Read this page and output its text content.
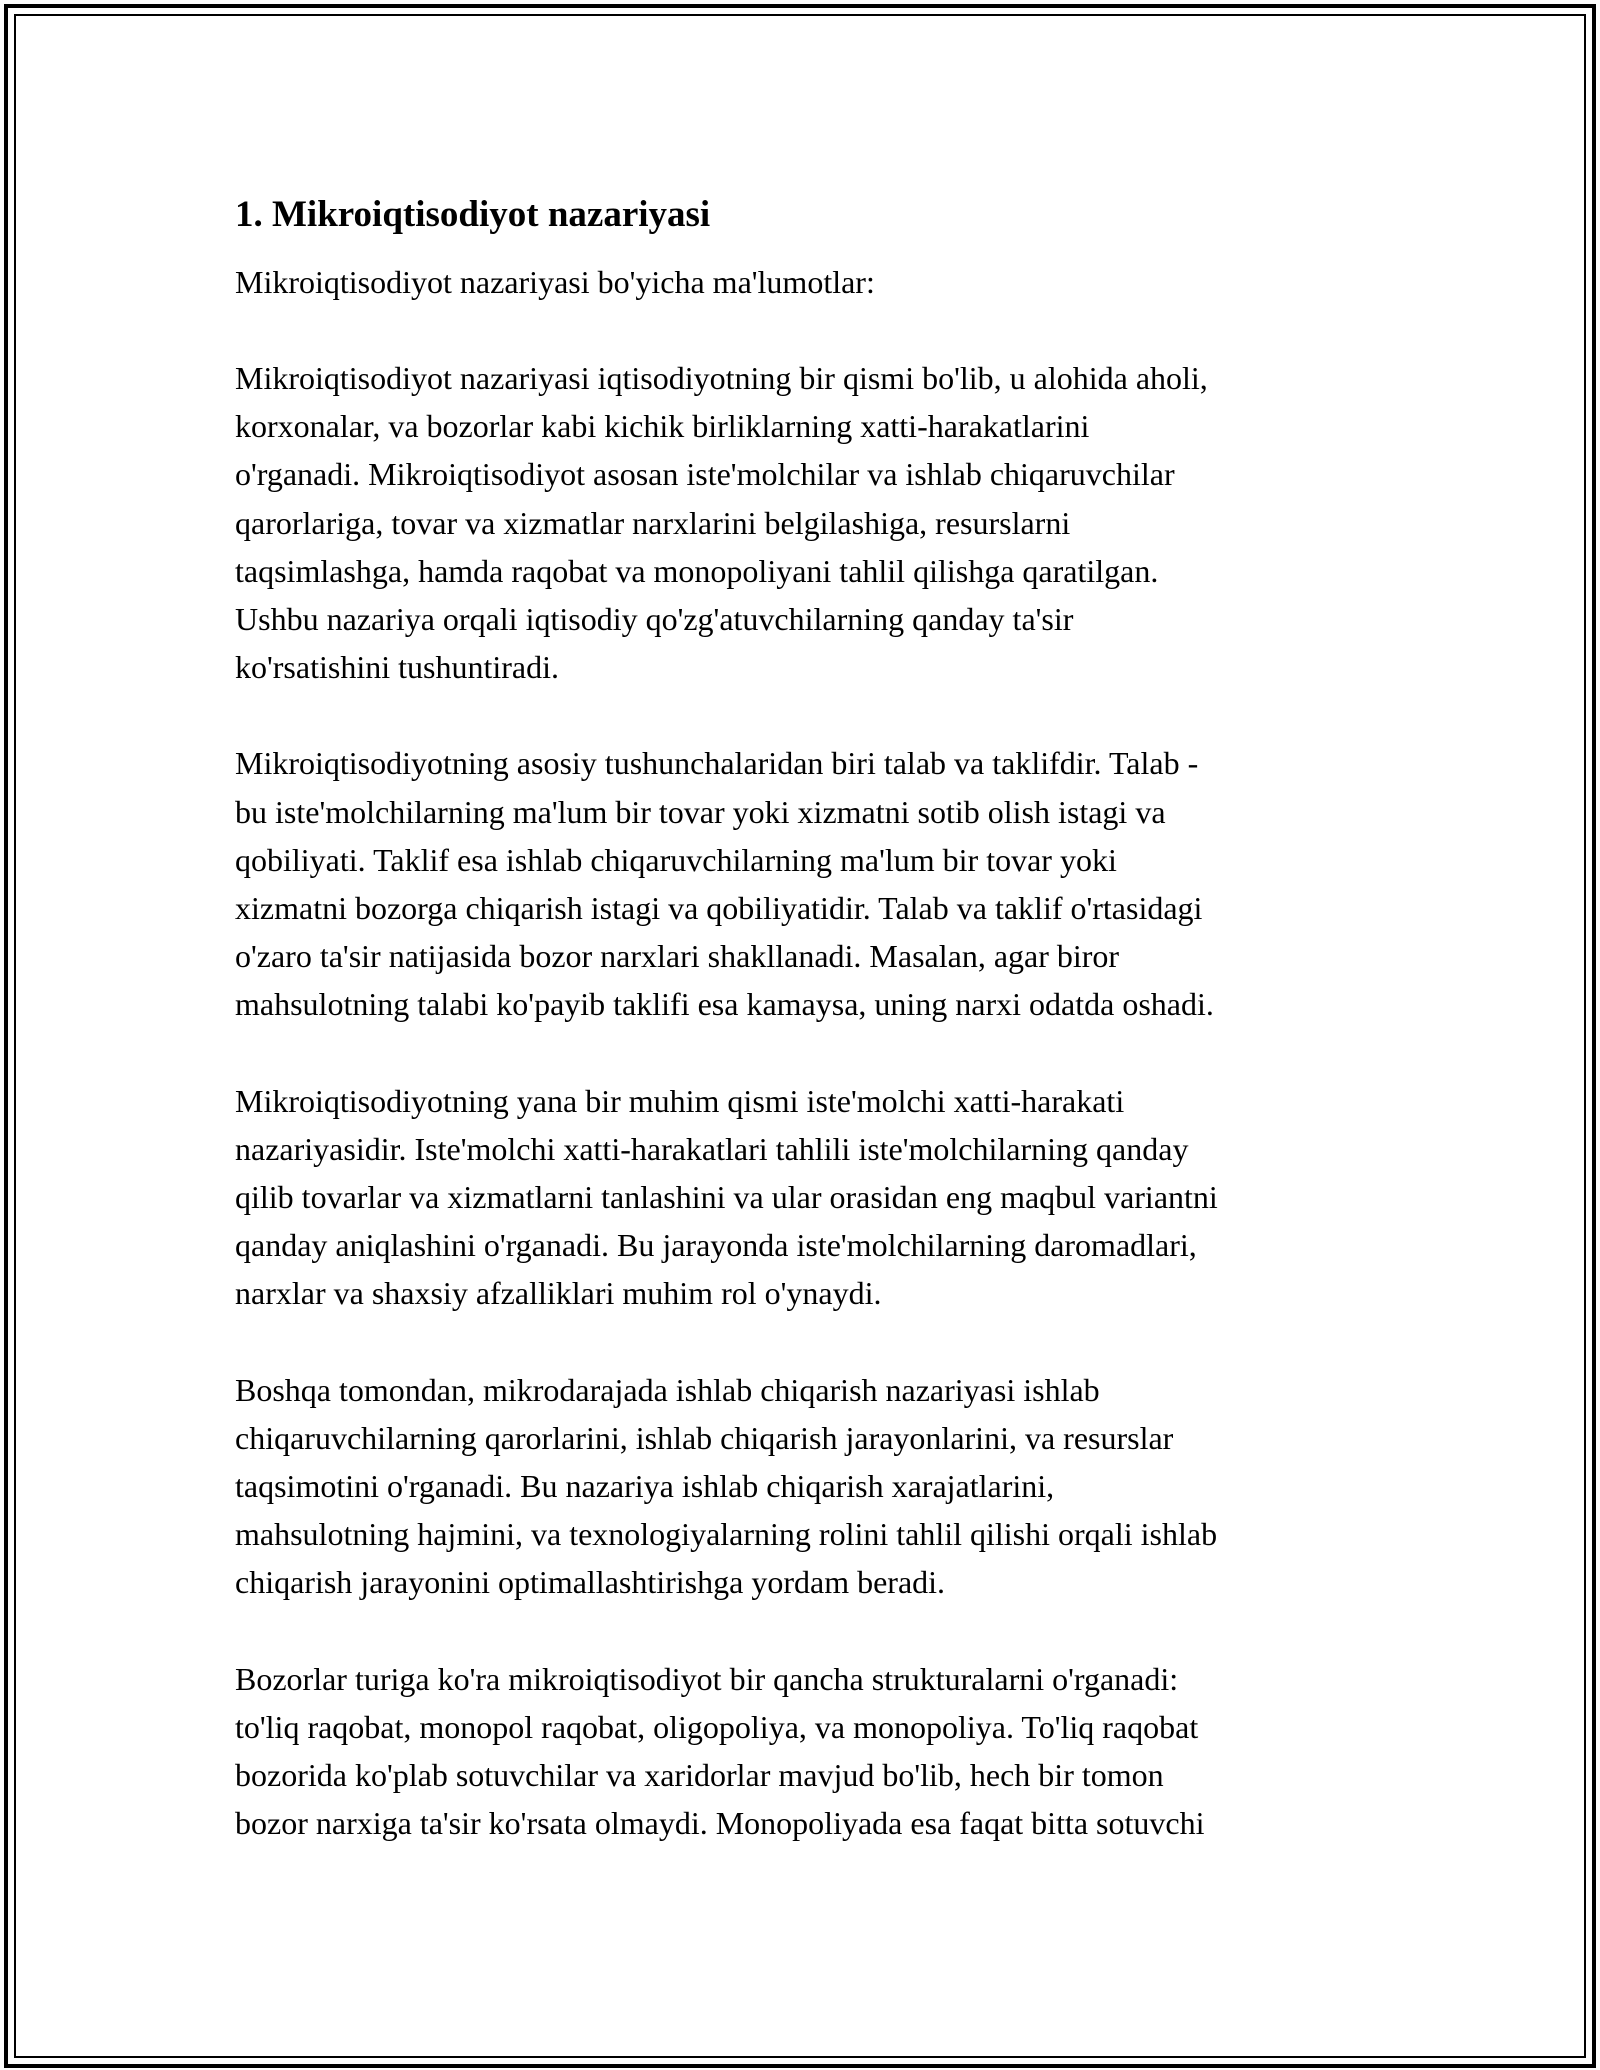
1. Mikroiqtisodiyot nazariyasi
Mikroiqtisodiyot nazariyasi bo'yicha ma'lumotlar:
Mikroiqtisodiyot nazariyasi iqtisodiyotning bir qismi bo'lib, u alohida aholi,
korxonalar, va bozorlar kabi kichik birliklarning xatti-harakatlarini
o'rganadi. Mikroiqtisodiyot asosan iste'molchilar va ishlab chiqaruvchilar
qarorlariga, tovar va xizmatlar narxlarini belgilashiga, resurslarni
taqsimlashga, hamda raqobat va monopoliyani tahlil qilishga qaratilgan.
Ushbu nazariya orqali iqtisodiy qo'zg'atuvchilarning qanday ta'sir
ko'rsatishini tushuntiradi.
Mikroiqtisodiyotning asosiy tushunchalaridan biri talab va taklifdir. Talab -
bu iste'molchilarning ma'lum bir tovar yoki xizmatni sotib olish istagi va
qobiliyati. Taklif esa ishlab chiqaruvchilarning ma'lum bir tovar yoki
xizmatni bozorga chiqarish istagi va qobiliyatidir. Talab va taklif o'rtasidagi
o'zaro ta'sir natijasida bozor narxlari shakllanadi. Masalan, agar biror
mahsulotning talabi ko'payib taklifi esa kamaysa, uning narxi odatda oshadi.
Mikroiqtisodiyotning yana bir muhim qismi iste'molchi xatti-harakati
nazariyasidir. Iste'molchi xatti-harakatlari tahlili iste'molchilarning qanday
qilib tovarlar va xizmatlarni tanlashini va ular orasidan eng maqbul variantni
qanday aniqlashini o'rganadi. Bu jarayonda iste'molchilarning daromadlari,
narxlar va shaxsiy afzalliklari muhim rol o'ynaydi.
Boshqa tomondan, mikrodarajada ishlab chiqarish nazariyasi ishlab
chiqaruvchilarning qarorlarini, ishlab chiqarish jarayonlarini, va resurslar
taqsimotini o'rganadi. Bu nazariya ishlab chiqarish xarajatlarini,
mahsulotning hajmini, va texnologiyalarning rolini tahlil qilishi orqali ishlab
chiqarish jarayonini optimallashtirishga yordam beradi.
Bozorlar turiga ko'ra mikroiqtisodiyot bir qancha strukturalarni o'rganadi:
to'liq raqobat, monopol raqobat, oligopoliya, va monopoliya. To'liq raqobat
bozorida ko'plab sotuvchilar va xaridorlar mavjud bo'lib, hech bir tomon
bozor narxiga ta'sir ko'rsata olmaydi. Monopoliyada esa faqat bitta sotuvchi
